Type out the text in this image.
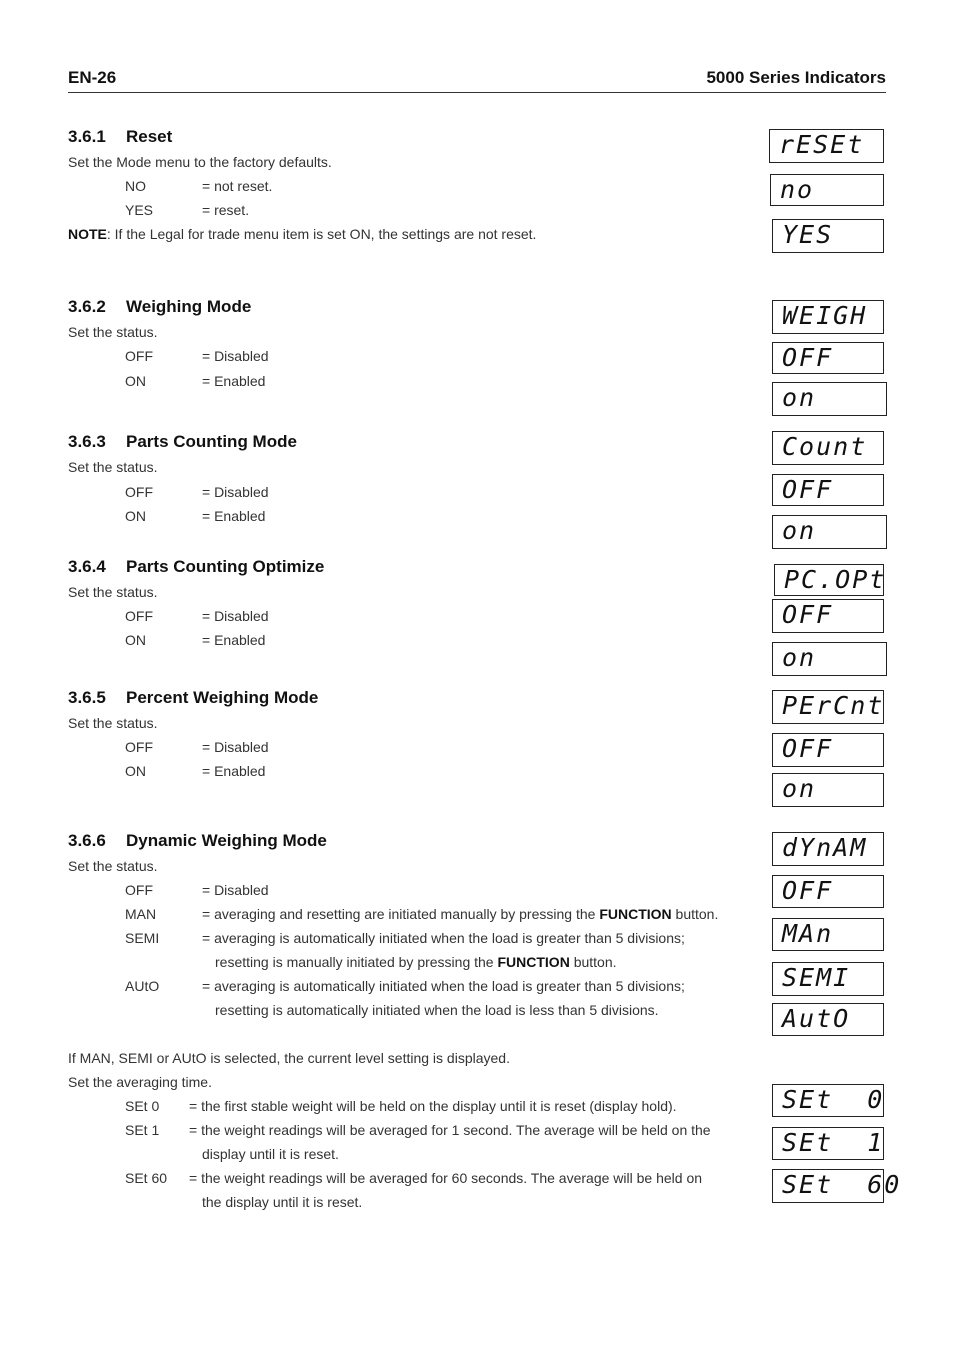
EN-26	5000 Series Indicators
3.6.1 Reset
Set the Mode menu to the factory defaults.
NO	= not reset.
YES	= reset.
NOTE: If the Legal for trade menu item is set ON, the settings are not reset.
rESEt
no
YES
3.6.2 Weighing Mode
Set the status.
OFF	= Disabled
ON	= Enabled
WEIGH
OFF
on
3.6.3 Parts Counting Mode
Set the status.
OFF	= Disabled
ON	= Enabled
Count
OFF
on
3.6.4 Parts Counting Optimize
Set the status.
OFF	= Disabled
ON	= Enabled
PC.OPt
OFF
on
3.6.5 Percent Weighing Mode
Set the status.
OFF	= Disabled
ON	= Enabled
PErCnt
OFF
on
3.6.6 Dynamic Weighing Mode
Set the status.
OFF	= Disabled
MAN	= averaging and resetting are initiated manually by pressing the FUNCTION button.
SEMI	= averaging is automatically initiated when the load is greater than 5 divisions;
resetting is manually initiated by pressing the FUNCTION button.
AUtO	= averaging is automatically initiated when the load is greater than 5 divisions;
resetting is automatically initiated when the load is less than 5 divisions.
dYnAM
OFF
MAn
SEMI
AutO
If MAN, SEMI or AUtO is selected, the current level setting is displayed.
Set the averaging time.
SEt 0 = the first stable weight will be held on the display until it is reset (display hold).
SEt 1 = the weight readings will be averaged for 1 second. The average will be held on the
display until it is reset.
SEt 60 = the weight readings will be averaged for 60 seconds. The average will be held on
the display until it is reset.
SEt  0
SEt  1
SEt  60
